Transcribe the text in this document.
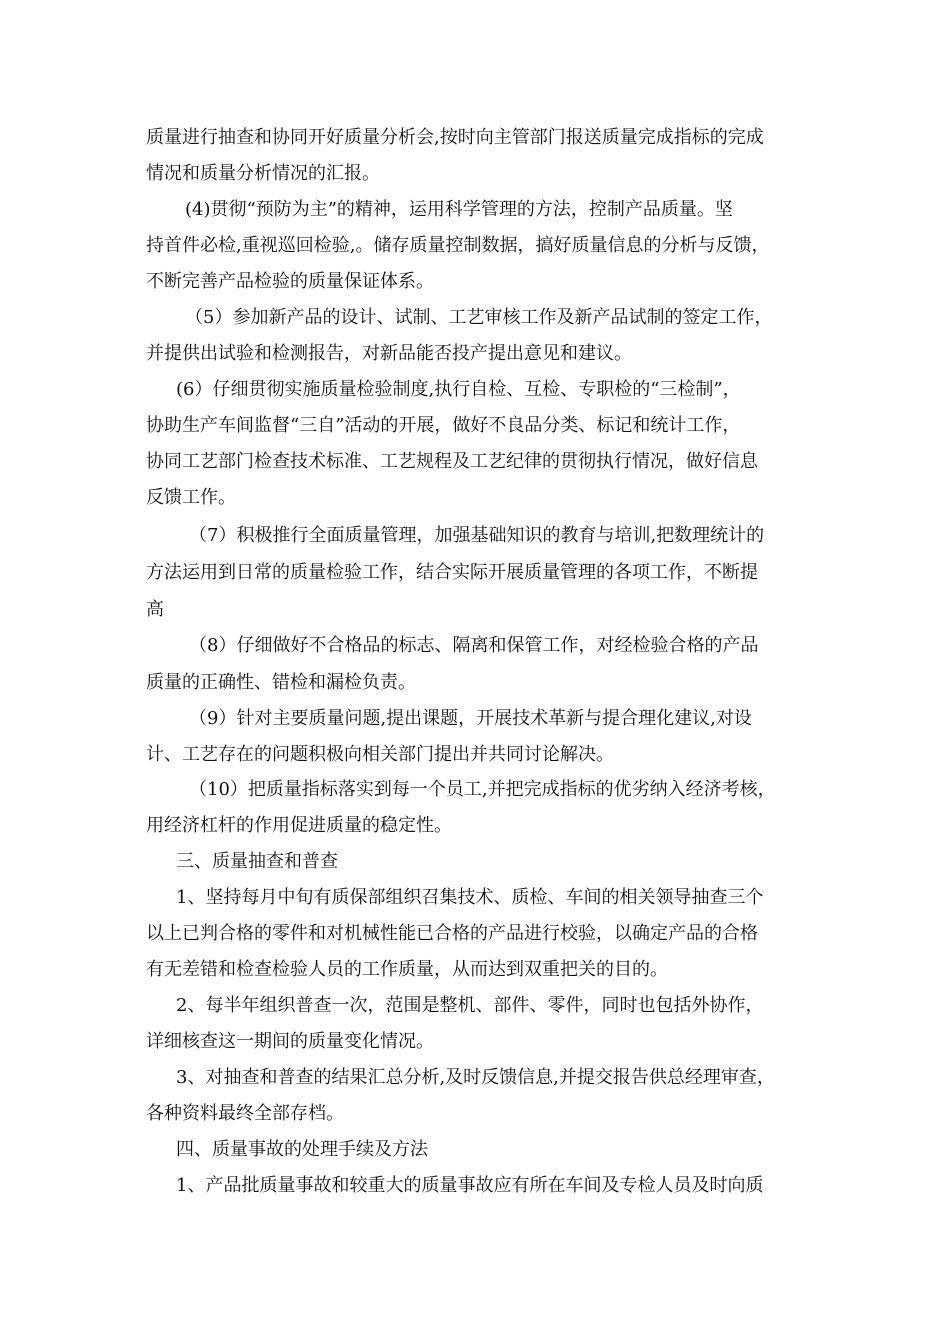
质量进行抽查和协同开好质量分析会,按时向主管部门报送质量完成指标的完成
情况和质量分析情况的汇报。
(4)贯彻“预防为主”的精神，运用科学管理的方法，控制产品质量。坚
持首件必检,重视巡回检验,。储存质量控制数据，搞好质量信息的分析与反馈，
不断完善产品检验的质量保证体系。
（5）参加新产品的设计、试制、工艺审核工作及新产品试制的签定工作，
并提供出试验和检测报告，对新品能否投产提出意见和建议。
(6）仔细贯彻实施质量检验制度,执行自检、互检、专职检的“三检制”，
协助生产车间监督“三自”活动的开展，做好不良品分类、标记和统计工作，
协同工艺部门检查技术标准、工艺规程及工艺纪律的贯彻执行情况，做好信息
反馈工作。
（7）积极推行全面质量管理，加强基础知识的教育与培训,把数理统计的
方法运用到日常的质量检验工作，结合实际开展质量管理的各项工作，不断提
高
（8）仔细做好不合格品的标志、隔离和保管工作，对经检验合格的产品
质量的正确性、错检和漏检负责。
（9）针对主要质量问题,提出课题，开展技术革新与提合理化建议,对设
计、工艺存在的问题积极向相关部门提出并共同讨论解决。
（10）把质量指标落实到每一个员工,并把完成指标的优劣纳入经济考核，
用经济杠杆的作用促进质量的稳定性。
三、质量抽查和普查
1、坚持每月中旬有质保部组织召集技术、质检、车间的相关领导抽查三个
以上已判合格的零件和对机械性能已合格的产品进行校验，以确定产品的合格
有无差错和检查检验人员的工作质量，从而达到双重把关的目的。
2、每半年组织普查一次，范围是整机、部件、零件，同时也包括外协作，
详细核查这一期间的质量变化情况。
3、对抽查和普查的结果汇总分析,及时反馈信息,并提交报告供总经理审查，
各种资料最终全部存档。
四、质量事故的处理手续及方法
1、产品批质量事故和较重大的质量事故应有所在车间及专检人员及时向质
